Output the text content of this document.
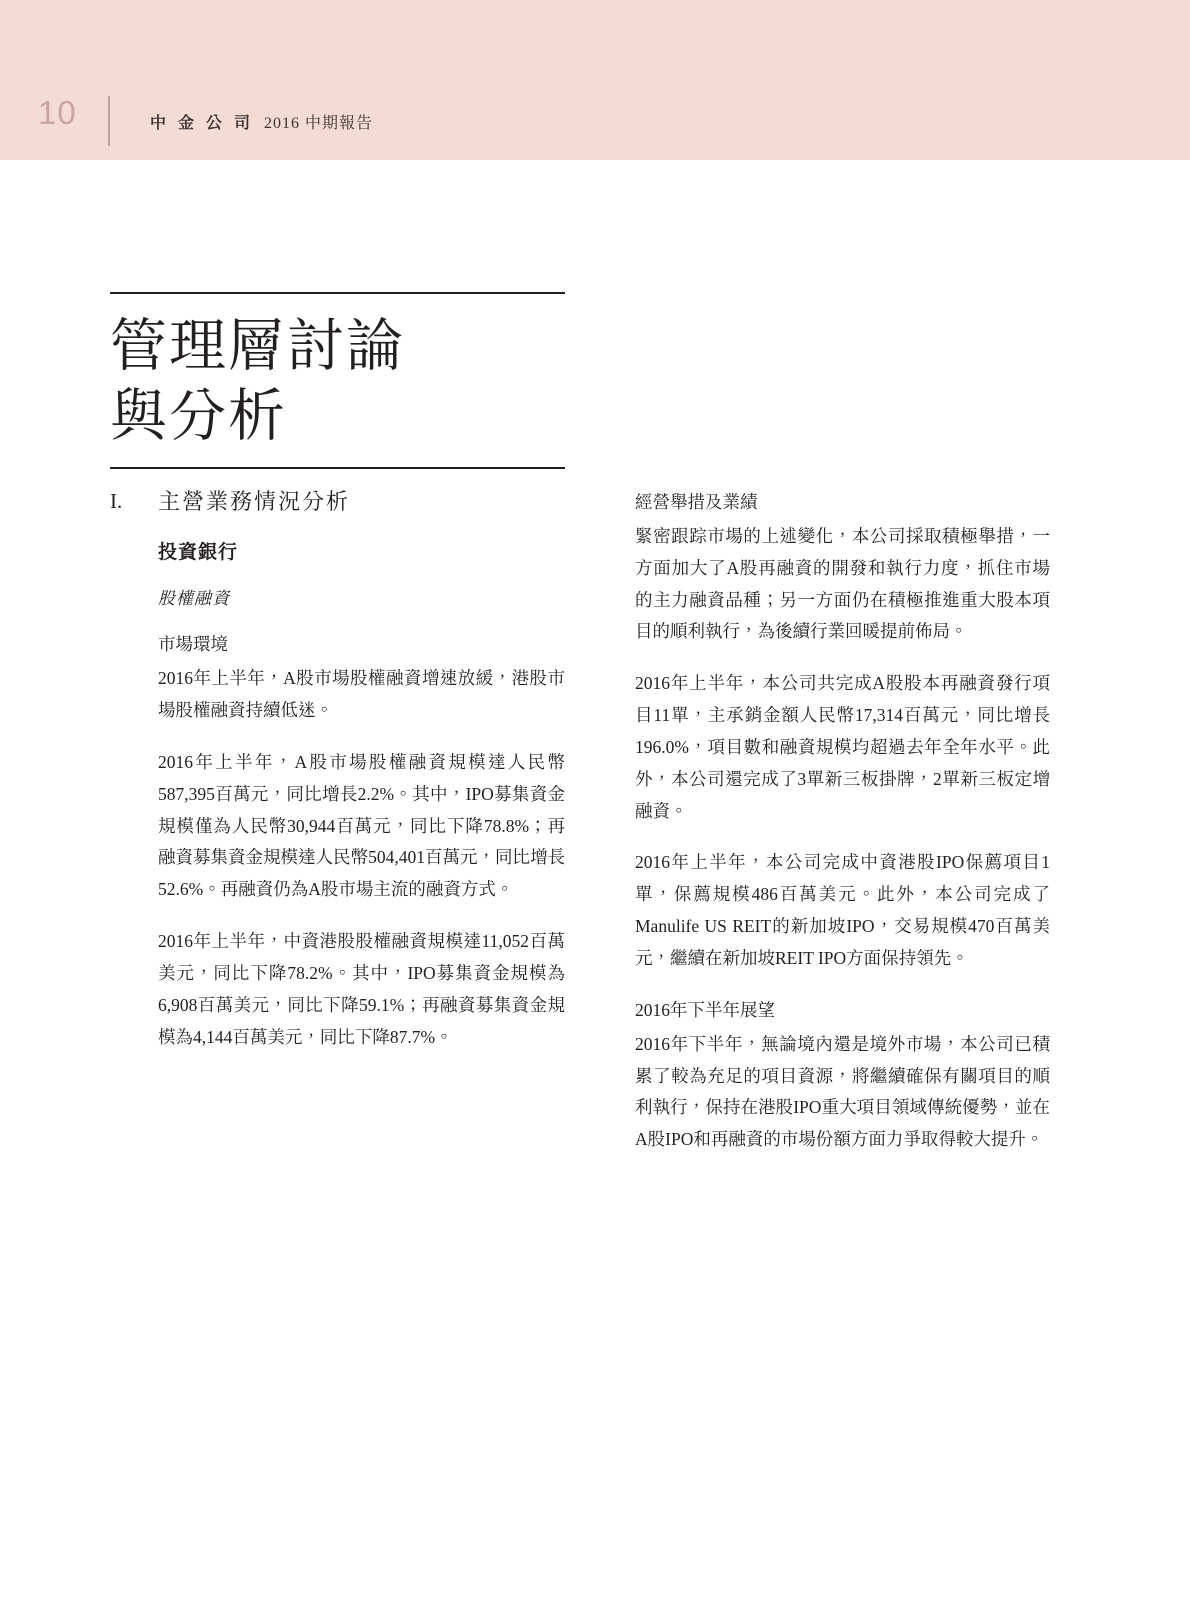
10	中 金 公 司 2016 中期報告
管理層討論
與分析
I.	主營業務情況分析
投資銀行
股權融資

市場環境

2016年上半年，A股市場股權融資增速放緩，港股市場股權融資持續低迷。

2016年上半年，A股市場股權融資規模達人民幣587,395百萬元，同比增長2.2%。其中，IPO募集資金規模僅為人民幣30,944百萬元，同比下降78.8%；再融資募集資金規模達人民幣504,401百萬元，同比增長52.6%。再融資仍為A股市場主流的融資方式。

2016年上半年，中資港股股權融資規模達11,052百萬美元，同比下降78.2%。其中，IPO募集資金規模為6,908百萬美元，同比下降59.1%；再融資募集資金規模為4,144百萬美元，同比下降87.7%。

經營舉措及業績

緊密跟踪市場的上述變化，本公司採取積極舉措，一方面加大了A股再融資的開發和執行力度，抓住市場的主力融資品種；另一方面仍在積極推進重大股本項目的順利執行，為後續行業回暖提前佈局。

2016年上半年，本公司共完成A股股本再融資發行項目11單，主承銷金額人民幣17,314百萬元，同比增長196.0%，項目數和融資規模均超過去年全年水平。此外，本公司還完成了3單新三板掛牌，2單新三板定增融資。

2016年上半年，本公司完成中資港股IPO保薦項目1單，保薦規模486百萬美元。此外，本公司完成了Manulife US REIT的新加坡IPO，交易規模470百萬美元，繼續在新加坡REIT IPO方面保持領先。

2016年下半年展望

2016年下半年，無論境內還是境外市場，本公司已積累了較為充足的項目資源，將繼續確保有關項目的順利執行，保持在港股IPO重大項目領域傳統優勢，並在A股IPO和再融資的市場份額方面力爭取得較大提升。
